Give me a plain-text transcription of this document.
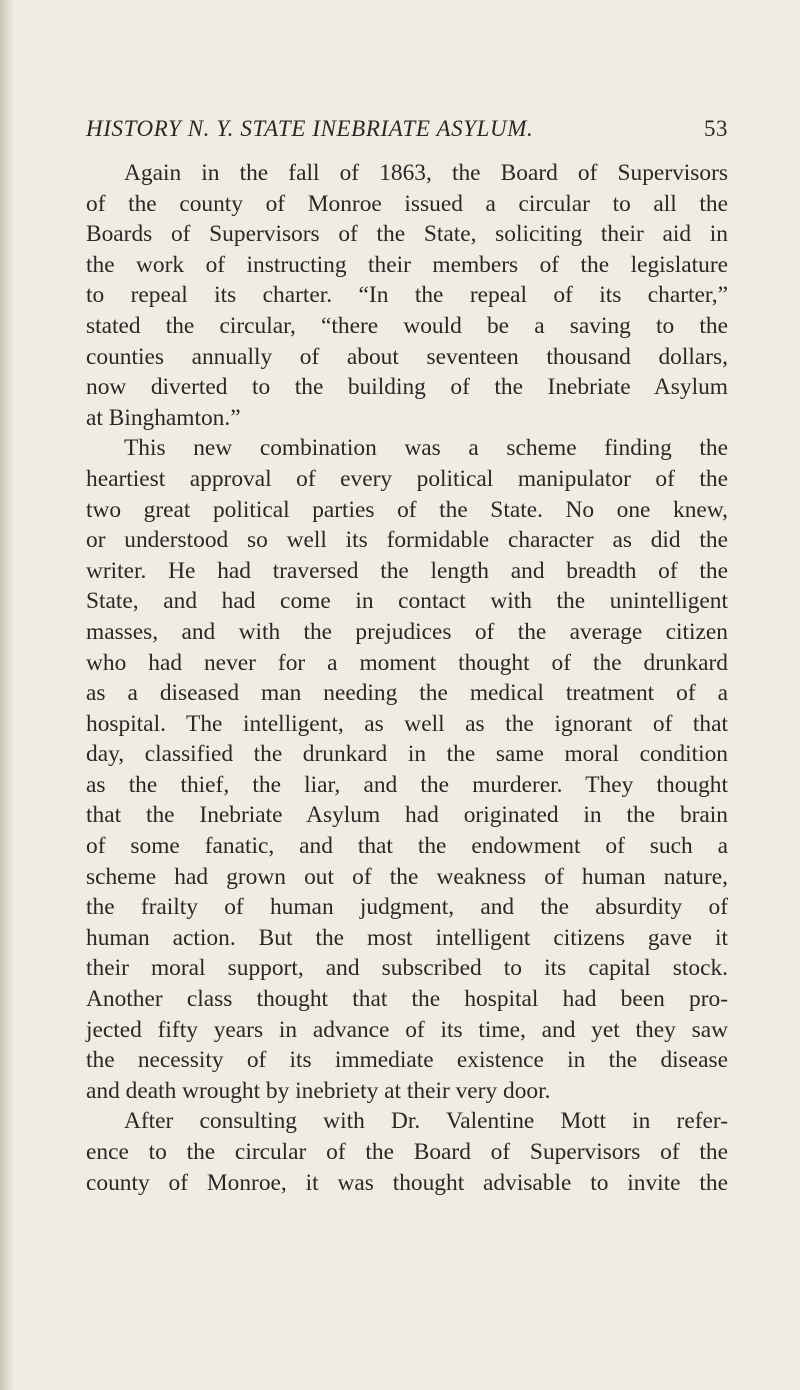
HISTORY N. Y. STATE INEBRIATE ASYLUM.	53
Again in the fall of 1863, the Board of Supervisors
of the county of Monroe issued a circular to all the
Boards of Supervisors of the State, soliciting their aid in
the work of instructing their members of the legislature
to repeal its charter. “In the repeal of its charter,”
stated the circular, “there would be a saving to the
counties annually of about seventeen thousand dollars,
now diverted to the building of the Inebriate Asylum
at Binghamton.”
This new combination was a scheme finding the
heartiest approval of every political manipulator of the
two great political parties of the State. No one knew,
or understood so well its formidable character as did the
writer. He had traversed the length and breadth of the
State, and had come in contact with the unintelligent
masses, and with the prejudices of the average citizen
who had never for a moment thought of the drunkard
as a diseased man needing the medical treatment of a
hospital. The intelligent, as well as the ignorant of that
day, classified the drunkard in the same moral condition
as the thief, the liar, and the murderer. They thought
that the Inebriate Asylum had originated in the brain
of some fanatic, and that the endowment of such a
scheme had grown out of the weakness of human nature,
the frailty of human judgment, and the absurdity of
human action. But the most intelligent citizens gave it
their moral support, and subscribed to its capital stock.
Another class thought that the hospital had been pro-
jected fifty years in advance of its time, and yet they saw
the necessity of its immediate existence in the disease
and death wrought by inebriety at their very door.
After consulting with Dr. Valentine Mott in refer-
ence to the circular of the Board of Supervisors of the
county of Monroe, it was thought advisable to invite the
